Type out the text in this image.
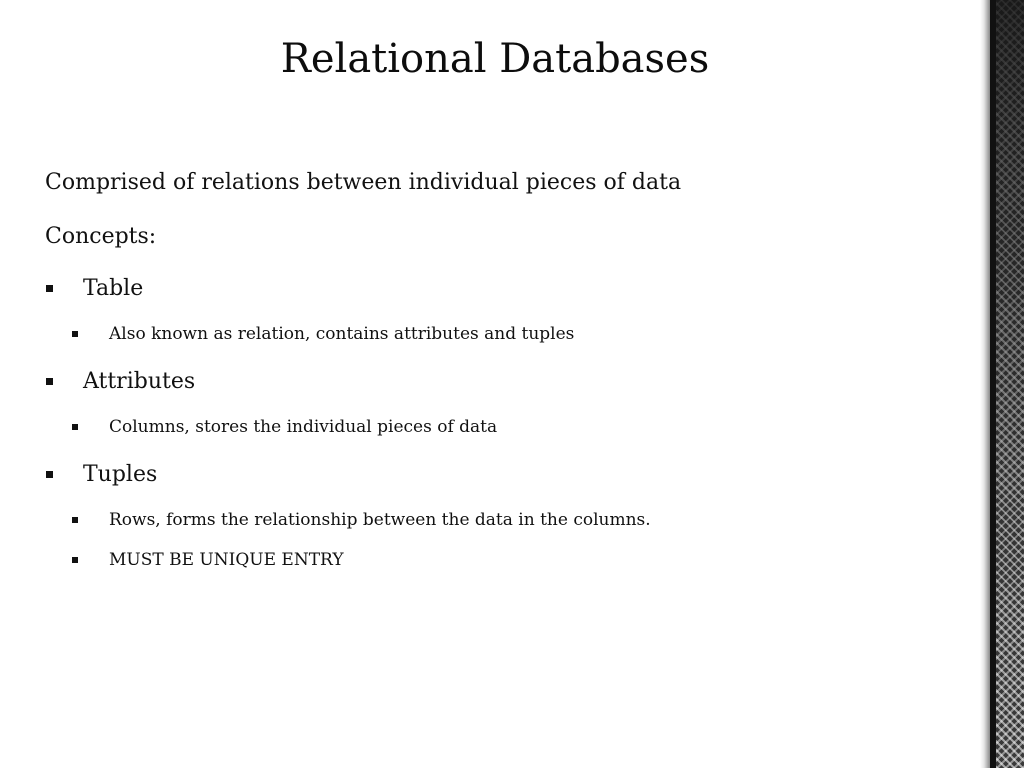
Relational Databases
Comprised of relations between individual pieces of data
Concepts:
Table
Also known as relation, contains attributes and tuples
Attributes
Columns, stores the individual pieces of data
Tuples
Rows, forms the relationship between the data in the columns.
MUST BE UNIQUE ENTRY
